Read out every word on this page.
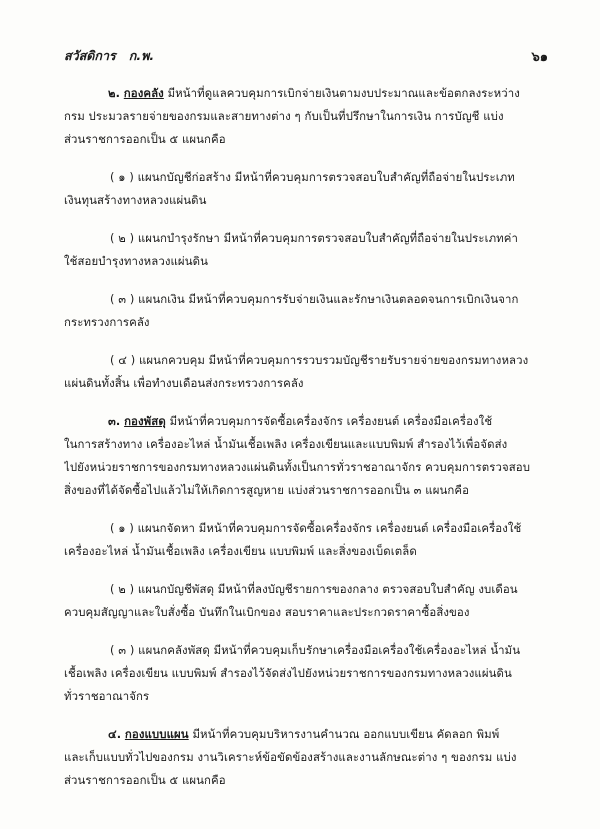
สวัสดิการ ก.พ.	๖๑
๒. กองคลัง มีหน้าที่ดูแลควบคุมการเบิกจ่ายเงินตามงบประมาณและข้อตกลงระหว่าง
กรม ประมวลรายจ่ายของกรมและสายทางต่าง ๆ กับเป็นที่ปรึกษาในการเงิน การบัญชี แบ่ง
ส่วนราชการออกเป็น ๕ แผนกคือ
( ๑ ) แผนกบัญชีก่อสร้าง มีหน้าที่ควบคุมการตรวจสอบใบสำคัญที่ถือจ่ายในประเภท
เงินทุนสร้างทางหลวงแผ่นดิน
( ๒ ) แผนกบำรุงรักษา มีหน้าที่ควบคุมการตรวจสอบใบสำคัญที่ถือจ่ายในประเภทค่า
ใช้สอยบำรุงทางหลวงแผ่นดิน
( ๓ ) แผนกเงิน มีหน้าที่ควบคุมการรับจ่ายเงินและรักษาเงินตลอดจนการเบิกเงินจาก
กระทรวงการคลัง
( ๔ ) แผนกควบคุม มีหน้าที่ควบคุมการรวบรวมบัญชีรายรับรายจ่ายของกรมทางหลวง
แผ่นดินทั้งสิ้น เพื่อทำงบเดือนส่งกระทรวงการคลัง
๓. กองพัสดุ มีหน้าที่ควบคุมการจัดซื้อเครื่องจักร เครื่องยนต์ เครื่องมือเครื่องใช้
ในการสร้างทาง เครื่องอะไหล่ น้ำมันเชื้อเพลิง เครื่องเขียนและแบบพิมพ์ สำรองไว้เพื่อจัดส่ง
ไปยังหน่วยราชการของกรมทางหลวงแผ่นดินทั้งเป็นการทั่วราชอาณาจักร ควบคุมการตรวจสอบ
สิ่งของที่ได้จัดซื้อไปแล้วไม่ให้เกิดการสูญหาย แบ่งส่วนราชการออกเป็น ๓ แผนกคือ
( ๑ ) แผนกจัดหา มีหน้าที่ควบคุมการจัดซื้อเครื่องจักร เครื่องยนต์ เครื่องมือเครื่องใช้
เครื่องอะไหล่ น้ำมันเชื้อเพลิง เครื่องเขียน แบบพิมพ์ และสิ่งของเบ็ดเตล็ด
( ๒ ) แผนกบัญชีพัสดุ มีหน้าที่ลงบัญชีรายการของกลาง ตรวจสอบใบสำคัญ งบเดือน
ควบคุมสัญญาและใบสั่งซื้อ บันทึกในเบิกของ สอบราคาและประกวดราคาซื้อสิ่งของ
( ๓ ) แผนกคลังพัสดุ มีหน้าที่ควบคุมเก็บรักษาเครื่องมือเครื่องใช้เครื่องอะไหล่ น้ำมัน
เชื้อเพลิง เครื่องเขียน แบบพิมพ์ สำรองไว้จัดส่งไปยังหน่วยราชการของกรมทางหลวงแผ่นดิน
ทั่วราชอาณาจักร
๔. กองแบบแผน มีหน้าที่ควบคุมบริหารงานคำนวณ ออกแบบเขียน คัดลอก พิมพ์
และเก็บแบบทั่วไปของกรม งานวิเคราะห์ข้อขัดข้องสร้างและงานลักษณะต่าง ๆ ของกรม แบ่ง
ส่วนราชการออกเป็น ๕ แผนกคือ
